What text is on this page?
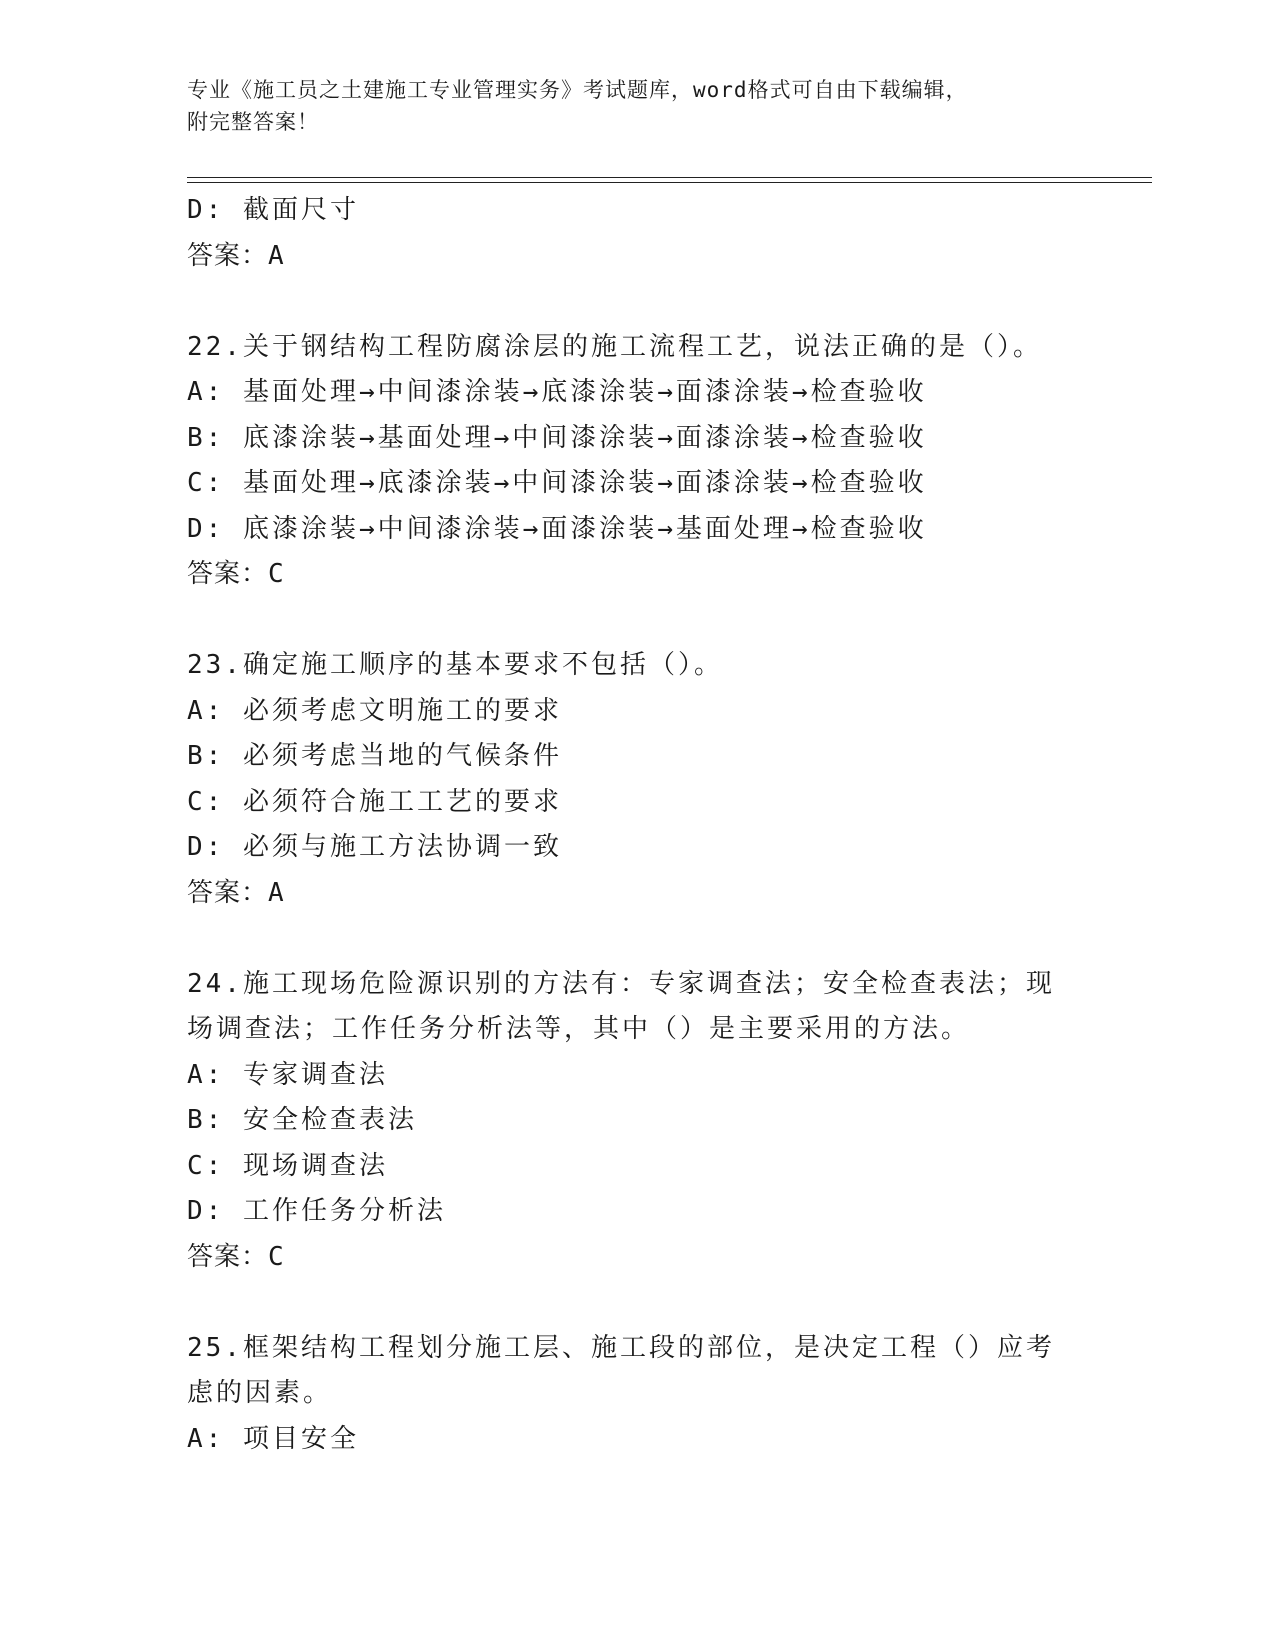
专业《施工员之土建施工专业管理实务》考试题库，word格式可自由下载编辑，
附完整答案！
D: 截面尺寸
答案：A
22.关于钢结构工程防腐涂层的施工流程工艺，说法正确的是（）。
A: 基面处理→中间漆涂装→底漆涂装→面漆涂装→检查验收
B: 底漆涂装→基面处理→中间漆涂装→面漆涂装→检查验收
C: 基面处理→底漆涂装→中间漆涂装→面漆涂装→检查验收
D: 底漆涂装→中间漆涂装→面漆涂装→基面处理→检查验收
答案：C
23.确定施工顺序的基本要求不包括（）。
A: 必须考虑文明施工的要求
B: 必须考虑当地的气候条件
C: 必须符合施工工艺的要求
D: 必须与施工方法协调一致
答案：A
24.施工现场危险源识别的方法有：专家调查法；安全检查表法；现场调查法；工作任务分析法等，其中（）是主要采用的方法。
A: 专家调查法
B: 安全检查表法
C: 现场调查法
D: 工作任务分析法
答案：C
25.框架结构工程划分施工层、施工段的部位，是决定工程（）应考虑的因素。
A: 项目安全
